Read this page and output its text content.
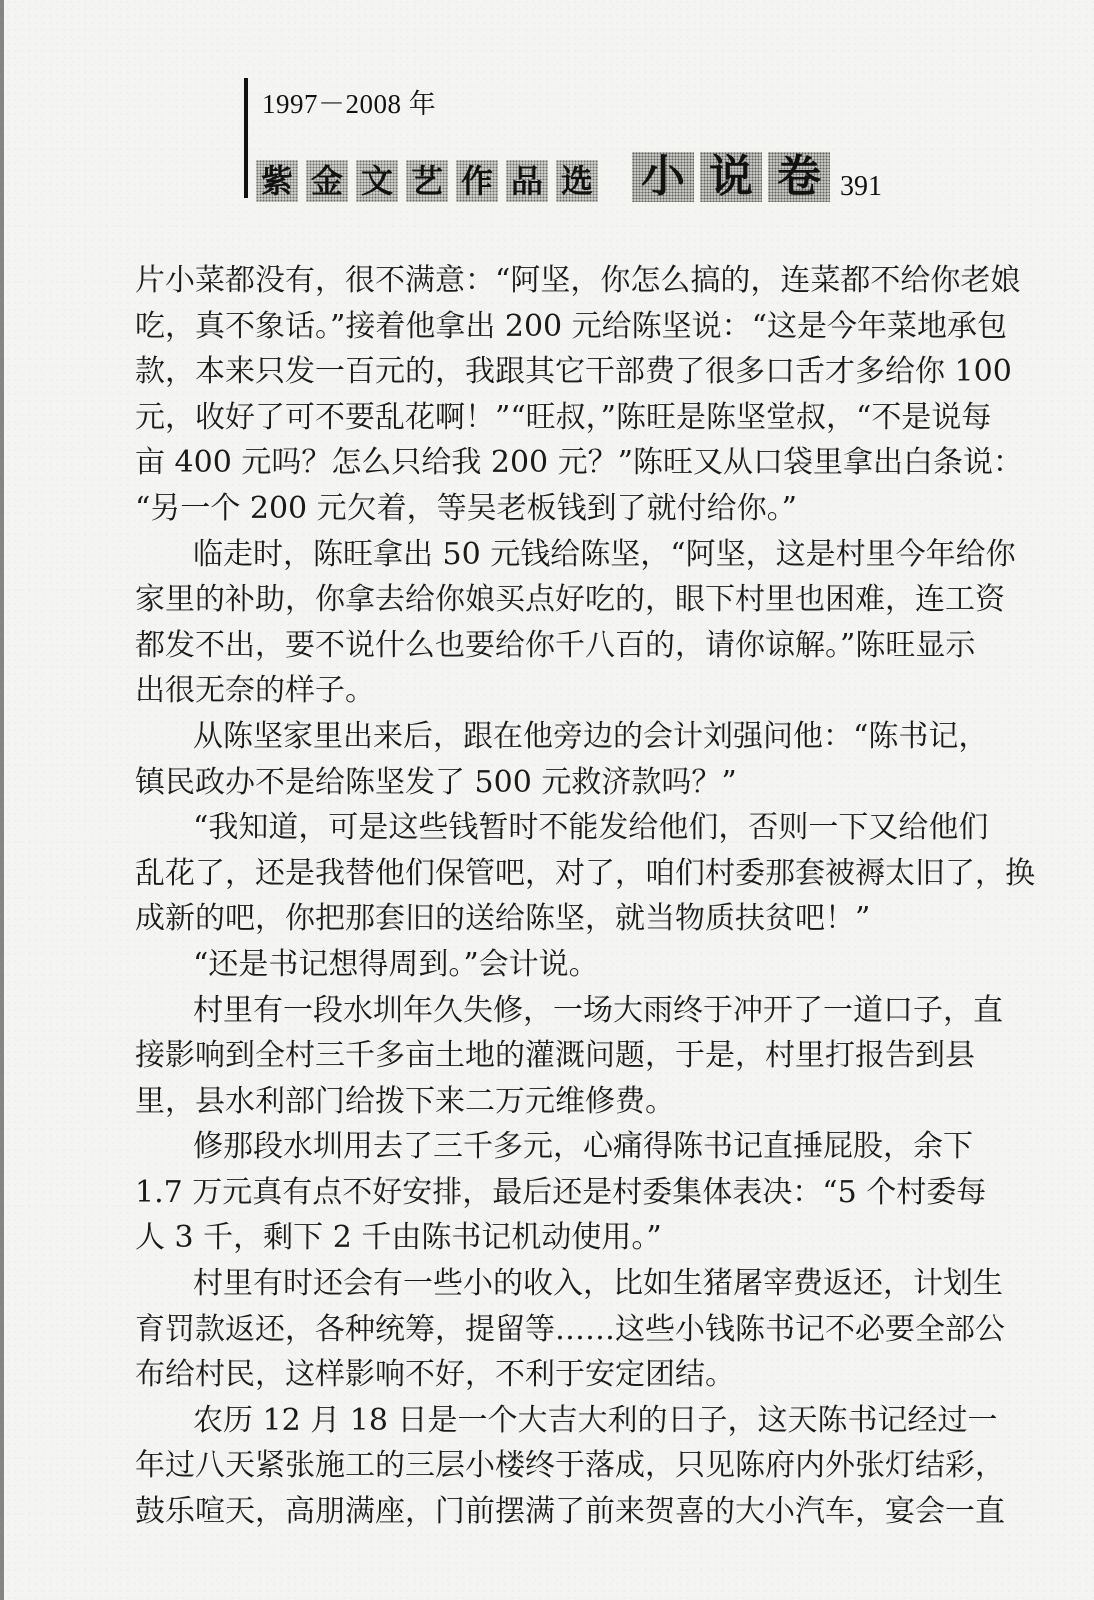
1997－2008 年
紫 金 文 艺 作 品 选 小 说 卷 391
片小菜都没有，很不满意：“阿坚，你怎么搞的，连菜都不给你老娘
吃，真不象话。”接着他拿出 200 元给陈坚说：“这是今年菜地承包
款，本来只发一百元的，我跟其它干部费了很多口舌才多给你 100
元，收好了可不要乱花啊！”“旺叔，”陈旺是陈坚堂叔，“不是说每
亩 400 元吗？怎么只给我 200 元？”陈旺又从口袋里拿出白条说：
“另一个 200 元欠着，等吴老板钱到了就付给你。”
临走时，陈旺拿出 50 元钱给陈坚，“阿坚，这是村里今年给你
家里的补助，你拿去给你娘买点好吃的，眼下村里也困难，连工资
都发不出，要不说什么也要给你千八百的，请你谅解。”陈旺显示
出很无奈的样子。
从陈坚家里出来后，跟在他旁边的会计刘强问他：“陈书记，
镇民政办不是给陈坚发了 500 元救济款吗？”
“我知道，可是这些钱暂时不能发给他们，否则一下又给他们
乱花了，还是我替他们保管吧，对了，咱们村委那套被褥太旧了，换
成新的吧，你把那套旧的送给陈坚，就当物质扶贫吧！”
“还是书记想得周到。”会计说。
村里有一段水圳年久失修，一场大雨终于冲开了一道口子，直
接影响到全村三千多亩土地的灌溉问题，于是，村里打报告到县
里，县水利部门给拨下来二万元维修费。
修那段水圳用去了三千多元，心痛得陈书记直捶屁股，余下
1.7 万元真有点不好安排，最后还是村委集体表决：“5 个村委每
人 3 千，剩下 2 千由陈书记机动使用。”
村里有时还会有一些小的收入，比如生猪屠宰费返还，计划生
育罚款返还，各种统筹，提留等……这些小钱陈书记不必要全部公
布给村民，这样影响不好，不利于安定团结。
农历 12 月 18 日是一个大吉大利的日子，这天陈书记经过一
年过八天紧张施工的三层小楼终于落成，只见陈府内外张灯结彩，
鼓乐喧天，高朋满座，门前摆满了前来贺喜的大小汽车，宴会一直
